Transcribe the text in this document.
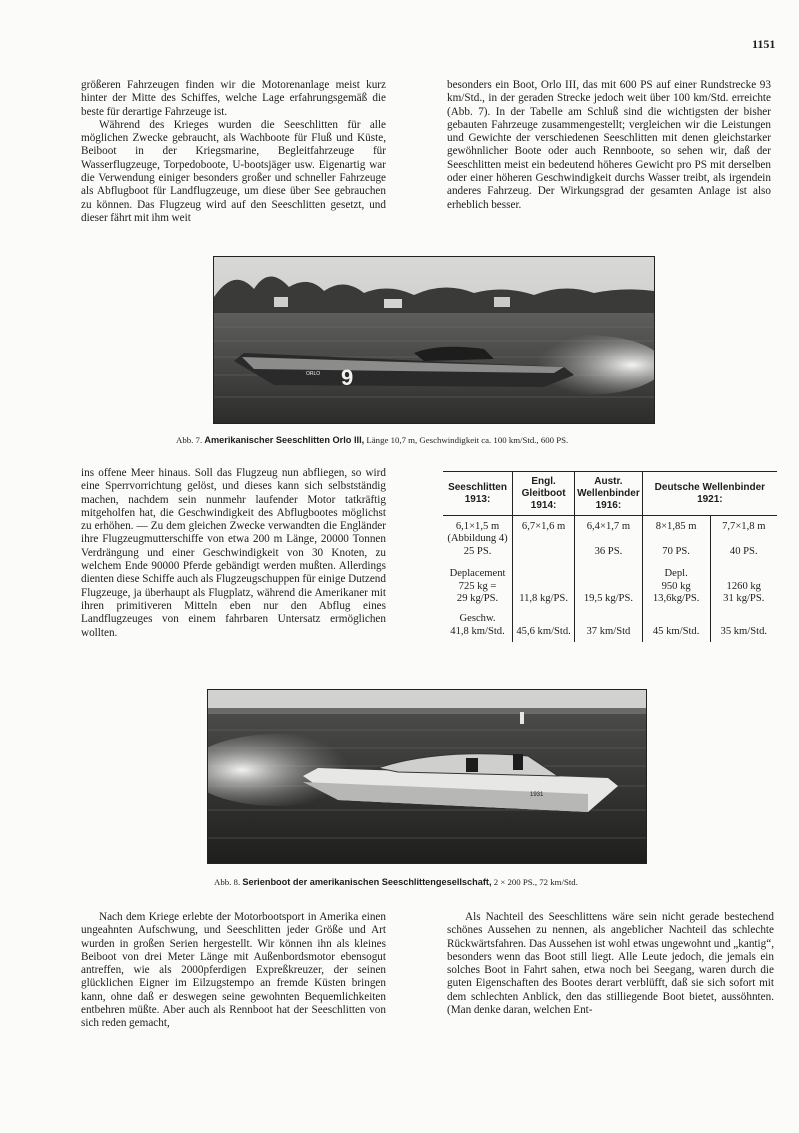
1151

größeren Fahrzeugen finden wir die Motorenanlage meist kurz hinter der Mitte des Schiffes, welche Lage erfahrungsgemäß die beste für derartige Fahrzeuge ist.

Während des Krieges wurden die Seeschlitten für alle möglichen Zwecke gebraucht, als Wachboote für Fluß und Küste, Beiboot in der Kriegsmarine, Begleitfahrzeuge für Wasserflugzeuge, Torpedoboote, U-bootsjäger usw. Eigenartig war die Verwendung einiger besonders großer und schneller Fahrzeuge als Abflugboot für Landflugzeuge, um diese über See gebrauchen zu können. Das Flugzeug wird auf den Seeschlitten gesetzt, und dieser fährt mit ihm weit

besonders ein Boot, Orlo III, das mit 600 PS auf einer Rundstrecke 93 km/Std., in der geraden Strecke jedoch weit über 100 km/Std. erreichte (Abb. 7). In der Tabelle am Schluß sind die wichtigsten der bisher gebauten Fahrzeuge zusammengestellt; vergleichen wir die Leistungen und Gewichte der verschiedenen Seeschlitten mit denen gleichstarker gewöhnlicher Boote oder auch Rennboote, so sehen wir, daß der Seeschlitten meist ein bedeutend höheres Gewicht pro PS mit derselben oder einer höheren Geschwindigkeit durchs Wasser treibt, als irgendein anderes Fahrzeug. Der Wirkungsgrad der gesamten Anlage ist also erheblich besser.

9
ORLO
Abb. 7. Amerikanischer Seeschlitten Orlo III, Länge 10,7 m, Geschwindigkeit ca. 100 km/Std., 600 PS.

ins offene Meer hinaus. Soll das Flugzeug nun abfliegen, so wird eine Sperrvorrichtung gelöst, und dieses kann sich selbstständig machen, nachdem sein nunmehr laufender Motor tatkräftig mitgeholfen hat, die Geschwindigkeit des Abflugbootes möglichst zu erhöhen. — Zu dem gleichen Zwecke verwandten die Engländer ihre Flugzeugmutterschiffe von etwa 200 m Länge, 20000 Tonnen Verdrängung und einer Geschwindigkeit von 30 Knoten, zu welchem Ende 90000 Pferde gebändigt werden mußten. Allerdings dienten diese Schiffe auch als Flugzeugschuppen für einige Dutzend Flugzeuge, ja überhaupt als Flugplatz, während die Amerikaner mit ihren primitiveren Mitteln eben nur den Abflug eines Landflugzeuges von einem fahrbaren Untersatz ermöglichen wollten.

Seeschlitten 1913:	Engl. Gleitboot 1914:	Austr. Wellenbinder 1916:	Deutsche Wellenbinder 1921:	
6,1×1,5 m	6,7×1,6 m	6,4×1,7 m	8×1,85 m	7,7×1,8 m
(Abbildung 4)				
25 PS.		36 PS.	70 PS.	40 PS.

Deplacement			Depl.	
725 kg =			950 kg	1260 kg
29 kg/PS.	11,8 kg/PS.	19,5 kg/PS.	13,6kg/PS.	31 kg/PS.
Geschw.				
41,8 km/Std.	45,6 km/Std.	37 km/Std	45 km/Std.	35 km/Std.
1931
Abb. 8. Serienboot der amerikanischen Seeschlittengesellschaft, 2 × 200 PS., 72 km/Std.

Nach dem Kriege erlebte der Motorbootsport in Amerika einen ungeahnten Aufschwung, und Seeschlitten jeder Größe und Art wurden in großen Serien hergestellt. Wir können ihn als kleines Beiboot von drei Meter Länge mit Außenbordsmotor ebensogut antreffen, wie als 2000pferdigen Expreßkreuzer, der seinen glücklichen Eigner im Eilzugstempo an fremde Küsten bringen kann, ohne daß er deswegen seine gewohnten Bequemlichkeiten entbehren müßte. Aber auch als Rennboot hat der Seeschlitten von sich reden gemacht,

Als Nachteil des Seeschlittens wäre sein nicht gerade bestechend schönes Aussehen zu nennen, als angeblicher Nachteil das schlechte Rückwärtsfahren. Das Aussehen ist wohl etwas ungewohnt und „kantig“, besonders wenn das Boot still liegt. Alle Leute jedoch, die jemals ein solches Boot in Fahrt sahen, etwa noch bei Seegang, waren durch die guten Eigenschaften des Bootes derart verblüfft, daß sie sich sofort mit dem schlechten Anblick, den das stilliegende Boot bietet, aussöhnten. (Man denke daran, welchen Ent-
